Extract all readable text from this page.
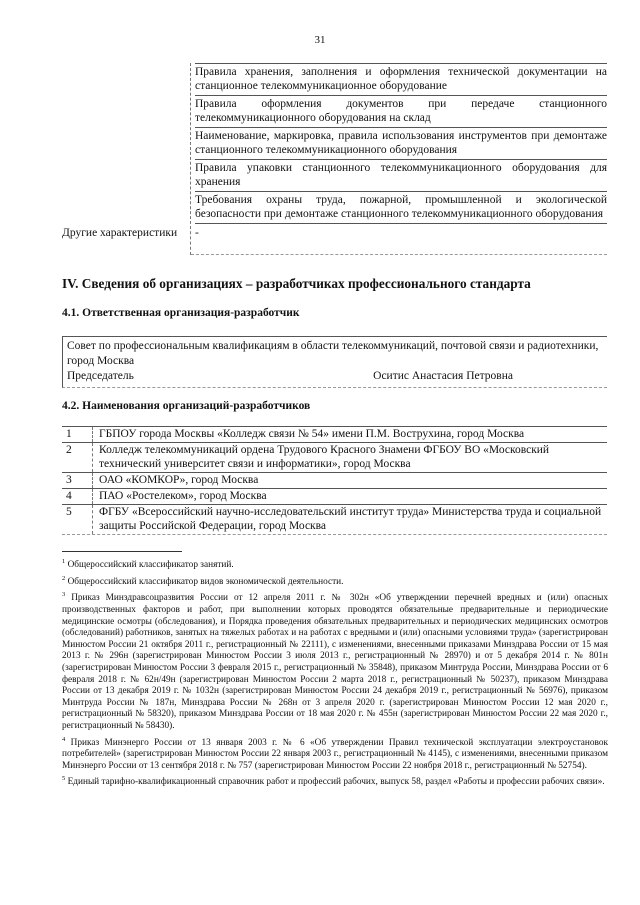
31
Правила хранения, заполнения и оформления технической документации на станционное телекоммуникационное оборудование
Правила оформления документов при передаче станционного телекоммуникационного оборудования на склад
Наименование, маркировка, правила использования инструментов при демонтаже станционного телекоммуникационного оборудования
Правила упаковки станционного телекоммуникационного оборудования для хранения
Требования охраны труда, пожарной, промышленной и экологической безопасности при демонтаже станционного телекоммуникационного оборудования
Другие характеристики	-
IV. Сведения об организациях – разработчиках профессионального стандарта
4.1. Ответственная организация-разработчик
Совет по профессиональным квалификациям в области телекоммуникаций, почтовой связи и радиотехники, город Москва
Председатель	Оситис Анастасия Петровна
4.2. Наименования организаций-разработчиков
1	ГБПОУ города Москвы «Колледж связи № 54» имени П.М. Вострухина, город Москва
2	Колледж телекоммуникаций ордена Трудового Красного Знамени ФГБОУ ВО «Московский технический университет связи и информатики», город Москва
3	ОАО «КОМКОР», город Москва
4	ПАО «Ростелеком», город Москва
5	ФГБУ «Всероссийский научно-исследовательский институт труда» Министерства труда и социальной защиты Российской Федерации, город Москва
$^1$ Общероссийский классификатор занятий.
$^2$ Общероссийский классификатор видов экономической деятельности.
$^3$ Приказ Минздравсоцразвития России от 12 апреля 2011 г. № 302н «Об утверждении перечней вредных и (или) опасных производственных факторов и работ, при выполнении которых проводятся обязательные предварительные и периодические медицинские осмотры (обследования), и Порядка проведения обязательных предварительных и периодических медицинских осмотров (обследований) работников, занятых на тяжелых работах и на работах с вредными и (или) опасными условиями труда» (зарегистрирован Минюстом России 21 октября 2011 г., регистрационный № 22111), с изменениями, внесенными приказами Минздрава России от 15 мая 2013 г. № 296н (зарегистрирован Минюстом России 3 июля 2013 г., регистрационный № 28970) и от 5 декабря 2014 г. № 801н (зарегистрирован Минюстом России 3 февраля 2015 г., регистрационный № 35848), приказом Минтруда России, Минздрава России от 6 февраля 2018 г. № 62н/49н (зарегистрирован Минюстом России 2 марта 2018 г., регистрационный № 50237), приказом Минздрава России от 13 декабря 2019 г. № 1032н (зарегистрирован Минюстом России 24 декабря 2019 г., регистрационный № 56976), приказом Минтруда России № 187н, Минздрава России № 268н от 3 апреля 2020 г. (зарегистрирован Минюстом России 12 мая 2020 г., регистрационный № 58320), приказом Минздрава России от 18 мая 2020 г. № 455н (зарегистрирован Минюстом России 22 мая 2020 г., регистрационный № 58430).
$^4$ Приказ Минэнерго России от 13 января 2003 г. № 6 «Об утверждении Правил технической эксплуатации электроустановок потребителей» (зарегистрирован Минюстом России 22 января 2003 г., регистрационный № 4145), с изменениями, внесенными приказом Минэнерго России от 13 сентября 2018 г. № 757 (зарегистрирован Минюстом России 22 ноября 2018 г., регистрационный № 52754).
$^5$ Единый тарифно-квалификационный справочник работ и профессий рабочих, выпуск 58, раздел «Работы и профессии рабочих связи».
